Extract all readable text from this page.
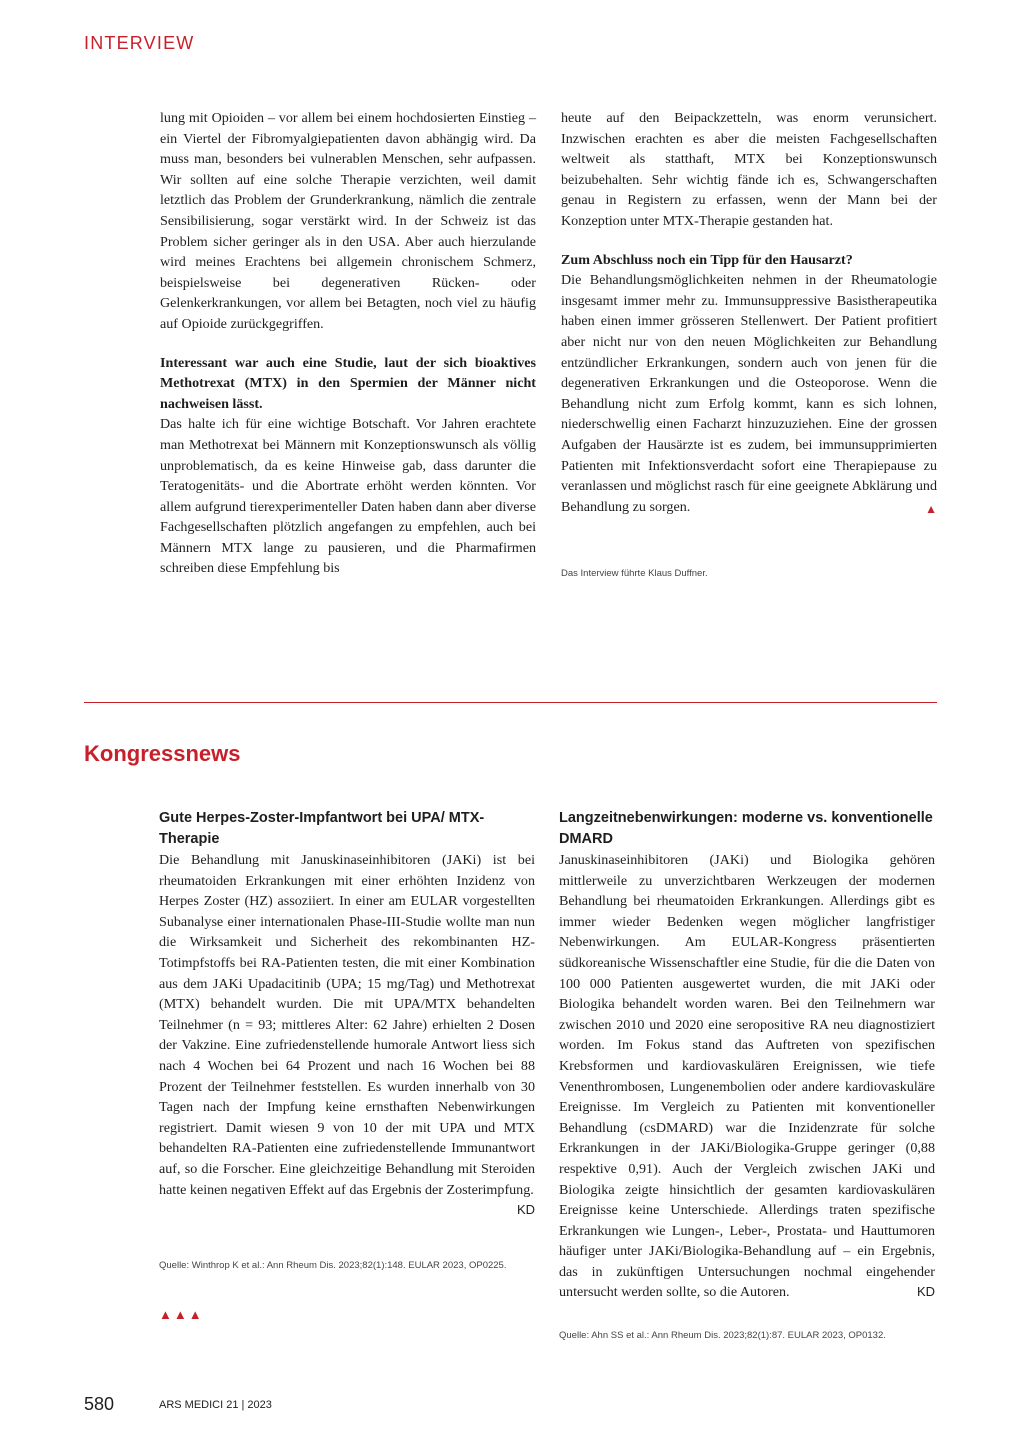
INTERVIEW

lung mit Opioiden – vor allem bei einem hochdosierten Einstieg – ein Viertel der Fibromyalgiepatienten davon abhängig wird. Da muss man, besonders bei vulnerablen Menschen, sehr aufpassen. Wir sollten auf eine solche Therapie verzichten, weil damit letztlich das Problem der Grunderkrankung, nämlich die zentrale Sensibilisierung, sogar verstärkt wird. In der Schweiz ist das Problem sicher geringer als in den USA. Aber auch hierzulande wird meines Erachtens bei allgemein chronischem Schmerz, beispielsweise bei degenerativen Rücken- oder Gelenkerkrankungen, vor allem bei Betagten, noch viel zu häufig auf Opioide zurückgegriffen.

Interessant war auch eine Studie, laut der sich bioaktives Methotrexat (MTX) in den Spermien der Männer nicht nachweisen lässt.

Das halte ich für eine wichtige Botschaft. Vor Jahren erachtete man Methotrexat bei Männern mit Konzeptionswunsch als völlig unproblematisch, da es keine Hinweise gab, dass darunter die Teratogenitäts- und die Abortrate erhöht werden könnten. Vor allem aufgrund tierexperimenteller Daten haben dann aber diverse Fachgesellschaften plötzlich angefangen zu empfehlen, auch bei Männern MTX lange zu pausieren, und die Pharmafirmen schreiben diese Empfehlung bis

heute auf den Beipackzetteln, was enorm verunsichert. Inzwischen erachten es aber die meisten Fachgesellschaften weltweit als statthaft, MTX bei Konzeptionswunsch beizubehalten. Sehr wichtig fände ich es, Schwangerschaften genau in Registern zu erfassen, wenn der Mann bei der Konzeption unter MTX-Therapie gestanden hat.

Zum Abschluss noch ein Tipp für den Hausarzt?

Die Behandlungsmöglichkeiten nehmen in der Rheumatologie insgesamt immer mehr zu. Immunsuppressive Basistherapeutika haben einen immer grösseren Stellenwert. Der Patient profitiert aber nicht nur von den neuen Möglichkeiten zur Behandlung entzündlicher Erkrankungen, sondern auch von jenen für die degenerativen Erkrankungen und die Osteoporose. Wenn die Behandlung nicht zum Erfolg kommt, kann es sich lohnen, niederschwellig einen Facharzt hinzuzuziehen. Eine der grossen Aufgaben der Hausärzte ist es zudem, bei immunsupprimierten Patienten mit Infektionsverdacht sofort eine Therapiepause zu veranlassen und möglichst rasch für eine geeignete Abklärung und Behandlung zu sorgen.	▲

Das Interview führte Klaus Duffner.
Kongressnews

Gute Herpes-Zoster-Impfantwort bei UPA/ MTX-Therapie

Die Behandlung mit Januskinaseinhibitoren (JAKi) ist bei rheumatoiden Erkrankungen mit einer erhöhten Inzidenz von Herpes Zoster (HZ) assoziiert. In einer am EULAR vorgestellten Subanalyse einer internationalen Phase-III-Studie wollte man nun die Wirksamkeit und Sicherheit des rekombinanten HZ-Totimpfstoffs bei RA-Patienten testen, die mit einer Kombination aus dem JAKi Upadacitinib (UPA; 15 mg/Tag) und Methotrexat (MTX) behandelt wurden. Die mit UPA/MTX behandelten Teilnehmer (n = 93; mittleres Alter: 62 Jahre) erhielten 2 Dosen der Vakzine. Eine zufriedenstellende humorale Antwort liess sich nach 4 Wochen bei 64 Prozent und nach 16 Wochen bei 88 Prozent der Teilnehmer feststellen. Es wurden innerhalb von 30 Tagen nach der Impfung keine ernsthaften Nebenwirkungen registriert. Damit wiesen 9 von 10 der mit UPA und MTX behandelten RA-Patienten eine zufriedenstellende Immunantwort auf, so die Forscher. Eine gleichzeitige Behandlung mit Steroiden hatte keinen negativen Effekt auf das Ergebnis der Zosterimpfung.
KD

Quelle: Winthrop K et al.: Ann Rheum Dis. 2023;82(1):148. EULAR 2023, OP0225.
▲▲▲

Langzeitnebenwirkungen: moderne vs. konventionelle DMARD

Januskinaseinhibitoren (JAKi) und Biologika gehören mittlerweile zu unverzichtbaren Werkzeugen der modernen Behandlung bei rheumatoiden Erkrankungen. Allerdings gibt es immer wieder Bedenken wegen möglicher langfristiger Nebenwirkungen. Am EULAR-Kongress präsentierten südkoreanische Wissenschaftler eine Studie, für die die Daten von 100 000 Patienten ausgewertet wurden, die mit JAKi oder Biologika behandelt worden waren. Bei den Teilnehmern war zwischen 2010 und 2020 eine seropositive RA neu diagnostiziert worden. Im Fokus stand das Auftreten von spezifischen Krebsformen und kardiovaskulären Ereignissen, wie tiefe Venenthrombosen, Lungenembolien oder andere kardiovaskuläre Ereignisse. Im Vergleich zu Patienten mit konventioneller Behandlung (csDMARD) war die Inzidenzrate für solche Erkrankungen in der JAKi/Biologika-Gruppe geringer (0,88 respektive 0,91). Auch der Vergleich zwischen JAKi und Biologika zeigte hinsichtlich der gesamten kardiovaskulären Ereignisse keine Unterschiede. Allerdings traten spezifische Erkrankungen wie Lungen-, Leber-, Prostata- und Hauttumoren häufiger unter JAKi/Biologika-Behandlung auf – ein Ergebnis, das in zukünftigen Untersuchungen nochmal eingehender untersucht werden sollte, so die Autoren.	KD

Quelle: Ahn SS et al.: Ann Rheum Dis. 2023;82(1):87. EULAR 2023, OP0132.
580	ARS MEDICI 21 | 2023
